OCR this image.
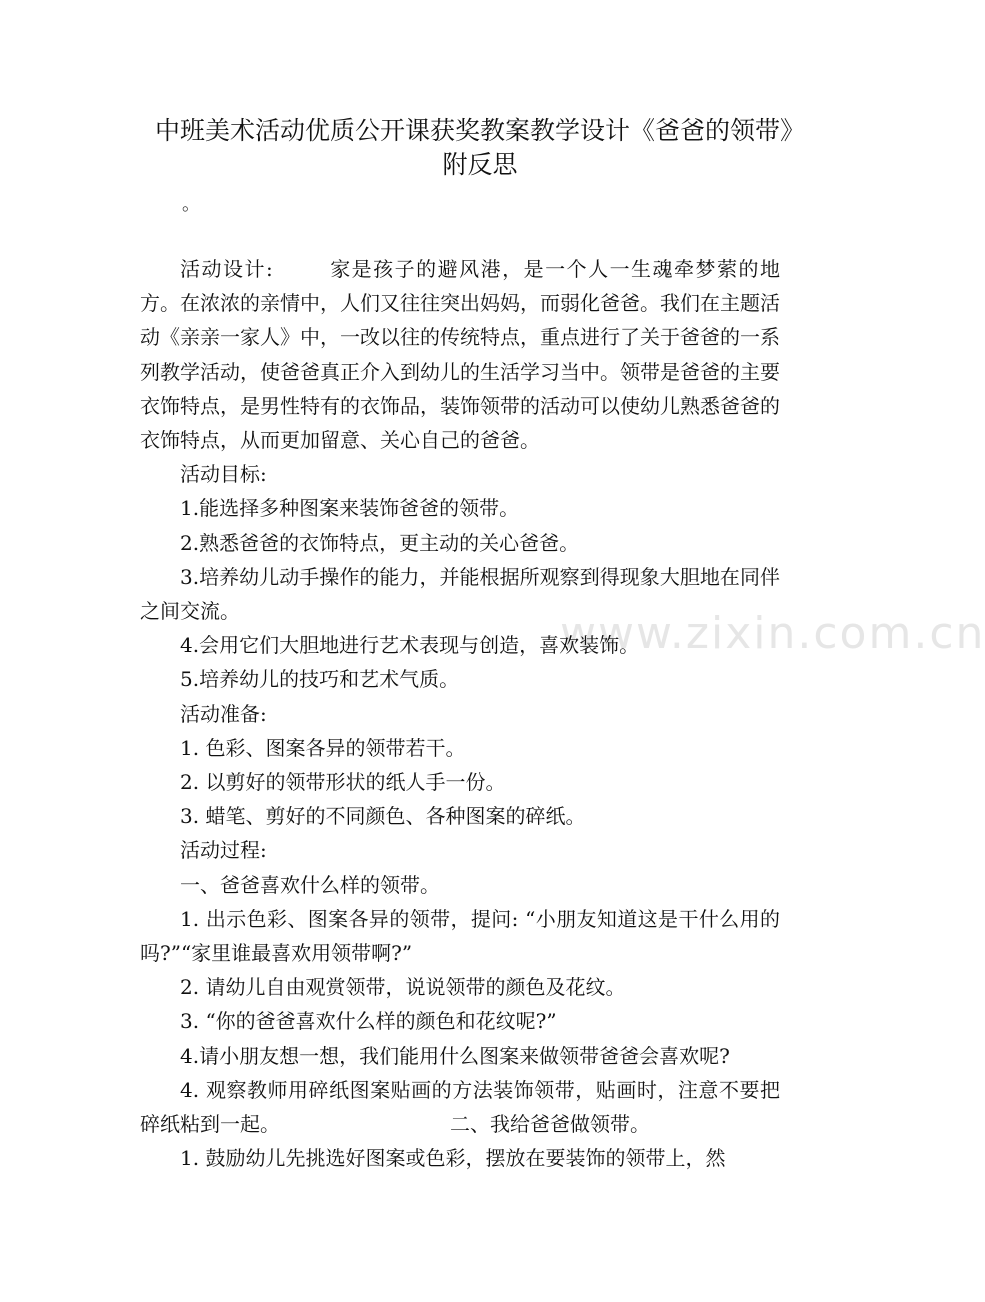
中班美术活动优质公开课获奖教案教学设计《爸爸的领带》附反思
。
www.zixin.com.cn

活动设计:	家是孩子的避风港，是一个人一生魂牵梦萦的地方。在浓浓的亲情中，人们又往往突出妈妈，而弱化爸爸。我们在主题活动《亲亲一家人》中，一改以往的传统特点，重点进行了关于爸爸的一系列教学活动，使爸爸真正介入到幼儿的生活学习当中。领带是爸爸的主要衣饰特点，是男性特有的衣饰品，装饰领带的活动可以使幼儿熟悉爸爸的衣饰特点，从而更加留意、关心自己的爸爸。

活动目标:

1.能选择多种图案来装饰爸爸的领带。

2.熟悉爸爸的衣饰特点，更主动的关心爸爸。

3.培养幼儿动手操作的能力，并能根据所观察到得现象大胆地在同伴之间交流。

4.会用它们大胆地进行艺术表现与创造，喜欢装饰。

5.培养幼儿的技巧和艺术气质。

活动准备:

1. 色彩、图案各异的领带若干。

2. 以剪好的领带形状的纸人手一份。

3. 蜡笔、剪好的不同颜色、各种图案的碎纸。

活动过程:

一、爸爸喜欢什么样的领带。

1. 出示色彩、图案各异的领带，提问: “小朋友知道这是干什么用的吗?”“家里谁最喜欢用领带啊?”

2. 请幼儿自由观赏领带，说说领带的颜色及花纹。

3. “你的爸爸喜欢什么样的颜色和花纹呢?”

4.请小朋友想一想，我们能用什么图案来做领带爸爸会喜欢呢?

4. 观察教师用碎纸图案贴画的方法装饰领带，贴画时，注意不要把碎纸粘到一起。	二、我给爸爸做领带。

1. 鼓励幼儿先挑选好图案或色彩，摆放在要装饰的领带上，然
